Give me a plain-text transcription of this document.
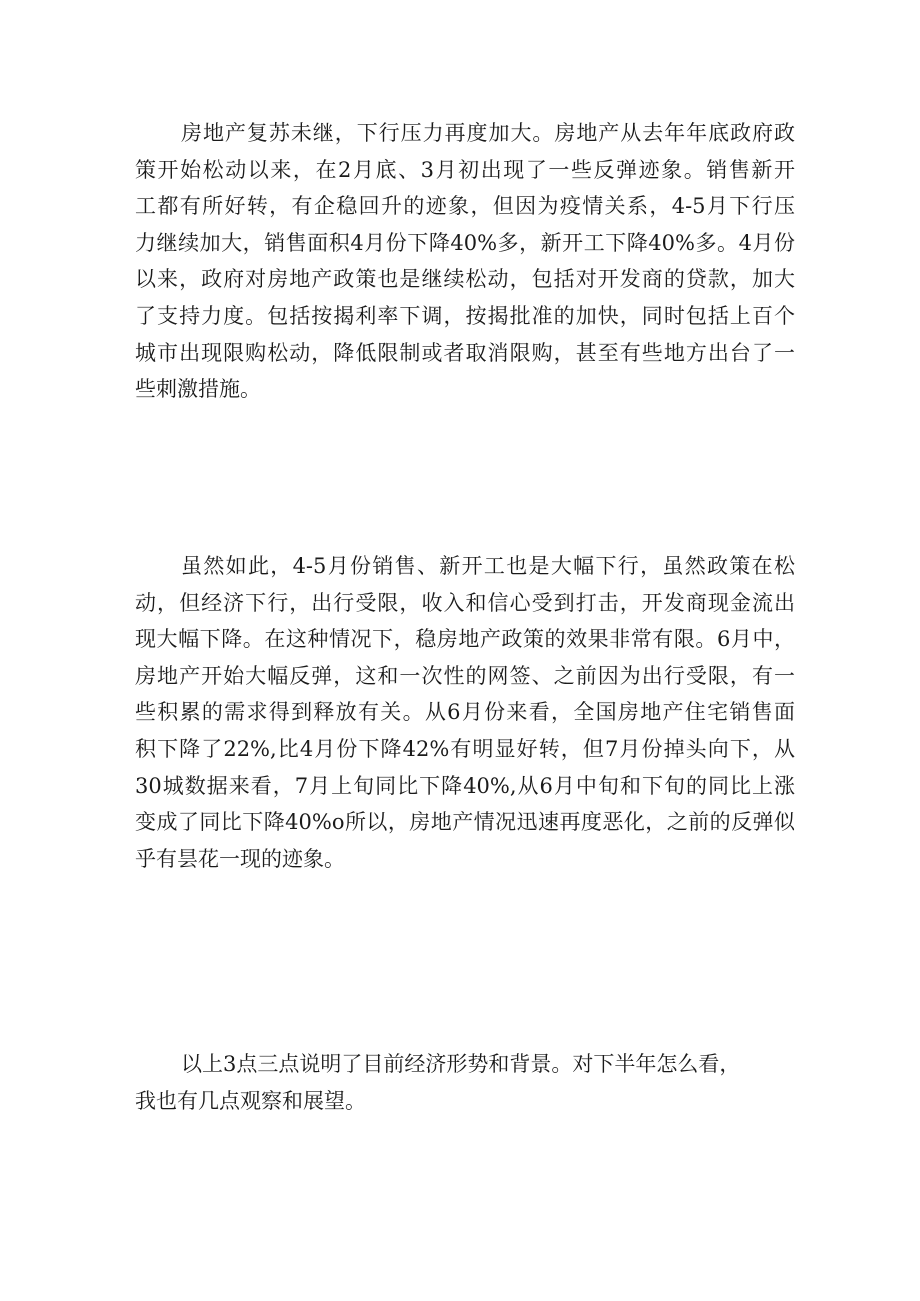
房地产复苏未继，下行压力再度加大。房地产从去年年底政府政
策开始松动以来，在2月底、3月初出现了一些反弹迹象。销售新开
工都有所好转，有企稳回升的迹象，但因为疫情关系，4-5月下行压
力继续加大，销售面积4月份下降40%多，新开工下降40%多。4月份
以来，政府对房地产政策也是继续松动，包括对开发商的贷款，加大
了支持力度。包括按揭利率下调，按揭批准的加快，同时包括上百个
城市出现限购松动，降低限制或者取消限购，甚至有些地方出台了一
些刺激措施。
虽然如此，4-5月份销售、新开工也是大幅下行，虽然政策在松
动，但经济下行，出行受限，收入和信心受到打击，开发商现金流出
现大幅下降。在这种情况下，稳房地产政策的效果非常有限。6月中，
房地产开始大幅反弹，这和一次性的网签、之前因为出行受限，有一
些积累的需求得到释放有关。从6月份来看，全国房地产住宅销售面
积下降了22%,比4月份下降42%有明显好转，但7月份掉头向下，从
30城数据来看，7月上旬同比下降40%,从6月中旬和下旬的同比上涨
变成了同比下降40%o所以，房地产情况迅速再度恶化，之前的反弹似
乎有昙花一现的迹象。
以上3点三点说明了目前经济形势和背景。对下半年怎么看，
我也有几点观察和展望。
